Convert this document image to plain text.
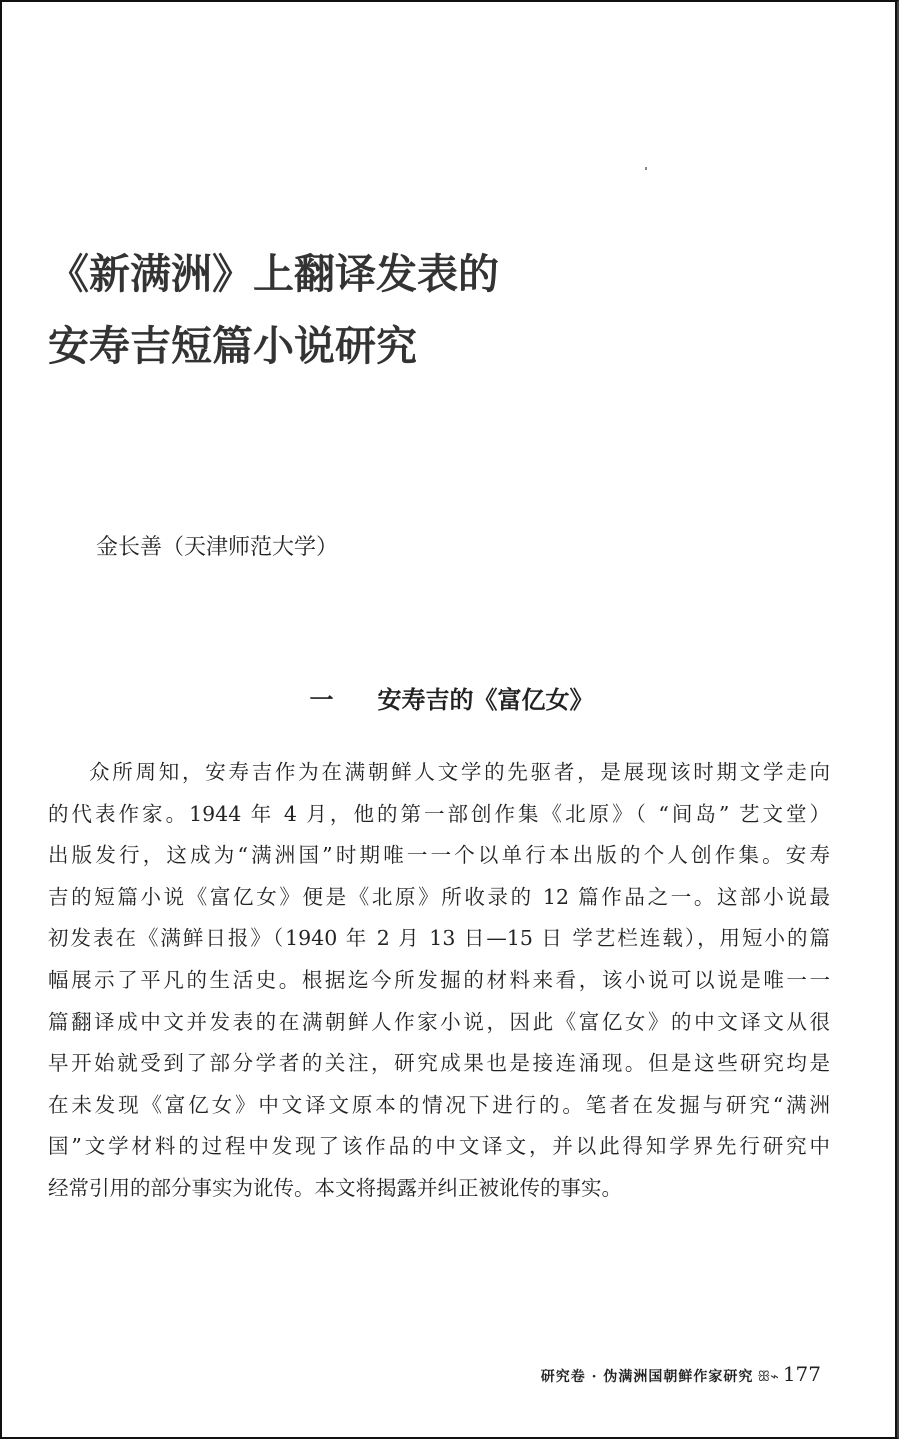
《新满洲》上翻译发表的
安寿吉短篇小说研究
金长善（天津师范大学）
一 安寿吉的《富亿女》
众所周知，安寿吉作为在满朝鲜人文学的先驱者，是展现该时期文学走向
的代表作家。1944 年 4 月，他的第一部创作集《北原》（ “间岛” 艺文堂）
出版发行，这成为“满洲国”时期唯一一个以单行本出版的个人创作集。安寿
吉的短篇小说《富亿女》便是《北原》所收录的 12 篇作品之一。这部小说最
初发表在《满鲜日报》（1940 年 2 月 13 日—15 日 学艺栏连载），用短小的篇
幅展示了平凡的生活史。根据迄今所发掘的材料来看，该小说可以说是唯一一
篇翻译成中文并发表的在满朝鲜人作家小说，因此《富亿女》的中文译文从很
早开始就受到了部分学者的关注，研究成果也是接连涌现。但是这些研究均是
在未发现《富亿女》中文译文原本的情况下进行的。笔者在发掘与研究“满洲
国”文学材料的过程中发现了该作品的中文译文，并以此得知学界先行研究中
经常引用的部分事实为讹传。本文将揭露并纠正被讹传的事实。
研究卷 · 伪满洲国朝鲜作家研究 ꕥ⌁ 177
